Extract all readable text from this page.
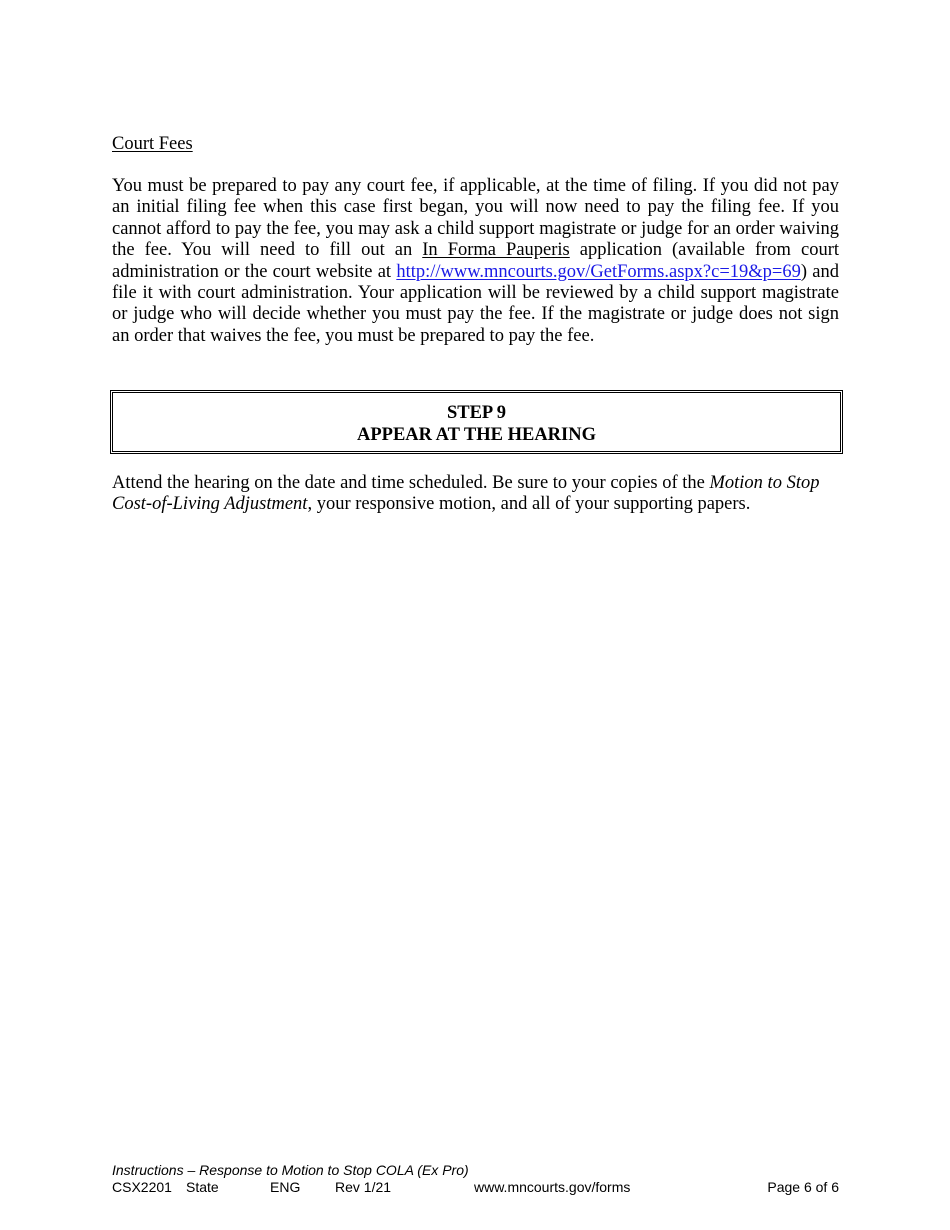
Court Fees

You must be prepared to pay any court fee, if applicable, at the time of filing. If you did not pay an initial filing fee when this case first began, you will now need to pay the filing fee. If you cannot afford to pay the fee, you may ask a child support magistrate or judge for an order waiving the fee. You will need to fill out an In Forma Pauperis application (available from court administration or the court website at http://www.mncourts.gov/GetForms.aspx?c=19&p=69) and file it with court administration. Your application will be reviewed by a child support magistrate or judge who will decide whether you must pay the fee. If the magistrate or judge does not sign an order that waives the fee, you must be prepared to pay the fee.

STEP 9
APPEAR AT THE HEARING

Attend the hearing on the date and time scheduled. Be sure to your copies of the Motion to Stop Cost-of-Living Adjustment, your responsive motion, and all of your supporting papers.

Instructions – Response to Motion to Stop COLA (Ex Pro)
CSX2201 State	ENG Rev 1/21	www.mncourts.gov/forms	Page 6 of 6
